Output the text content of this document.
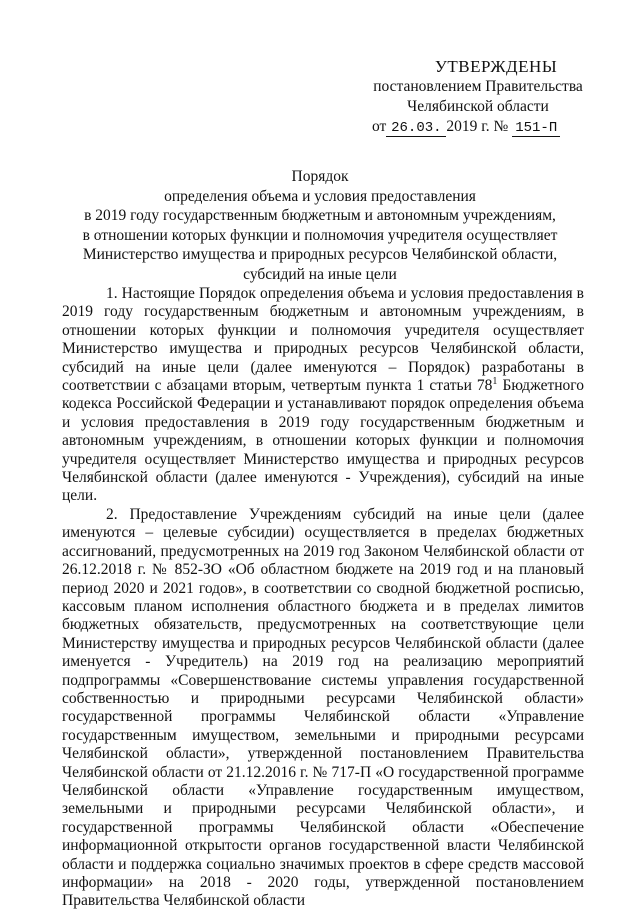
УТВЕРЖДЕНЫ
постановлением Правительства
Челябинской области
от 26.03. 2019 г. № 151-П
Порядок
определения объема и условия предоставления
в 2019 году государственным бюджетным и автономным учреждениям,
в отношении которых функции и полномочия учредителя осуществляет
Министерство имущества и природных ресурсов Челябинской области,
субсидий на иные цели

1. Настоящие Порядок определения объема и условия предоставления в 2019 году государственным бюджетным и автономным учреждениям, в отношении которых функции и полномочия учредителя осуществляет Министерство имущества и природных ресурсов Челябинской области, субсидий на иные цели (далее именуются – Порядок) разработаны в соответствии с абзацами вторым, четвертым пункта 1 статьи $78^1$ Бюджетного кодекса Российской Федерации и устанавливают порядок определения объема и условия предоставления в 2019 году государственным бюджетным и автономным учреждениям, в отношении которых функции и полномочия учредителя осуществляет Министерство имущества и природных ресурсов Челябинской области (далее именуются - Учреждения), субсидий на иные цели.

2. Предоставление Учреждениям субсидий на иные цели (далее именуются – целевые субсидии) осуществляется в пределах бюджетных ассигнований, предусмотренных на 2019 год Законом Челябинской области от 26.12.2018 г. № 852-ЗО «Об областном бюджете на 2019 год и на плановый период 2020 и 2021 годов», в соответствии со сводной бюджетной росписью, кассовым планом исполнения областного бюджета и в пределах лимитов бюджетных обязательств, предусмотренных на соответствующие цели Министерству имущества и природных ресурсов Челябинской области (далее именуется - Учредитель) на 2019 год на реализацию мероприятий подпрограммы «Совершенствование системы управления государственной собственностью и природными ресурсами Челябинской области» государственной программы Челябинской области «Управление государственным имуществом, земельными и природными ресурсами Челябинской области», утвержденной постановлением Правительства Челябинской области от 21.12.2016 г. № 717-П «О государственной программе Челябинской области «Управление государственным имуществом, земельными и природными ресурсами Челябинской области», и государственной программы Челябинской области «Обеспечение информационной открытости органов государственной власти Челябинской области и поддержка социально значимых проектов в сфере средств массовой информации» на 2018 - 2020 годы, утвержденной постановлением Правительства Челябинской области
